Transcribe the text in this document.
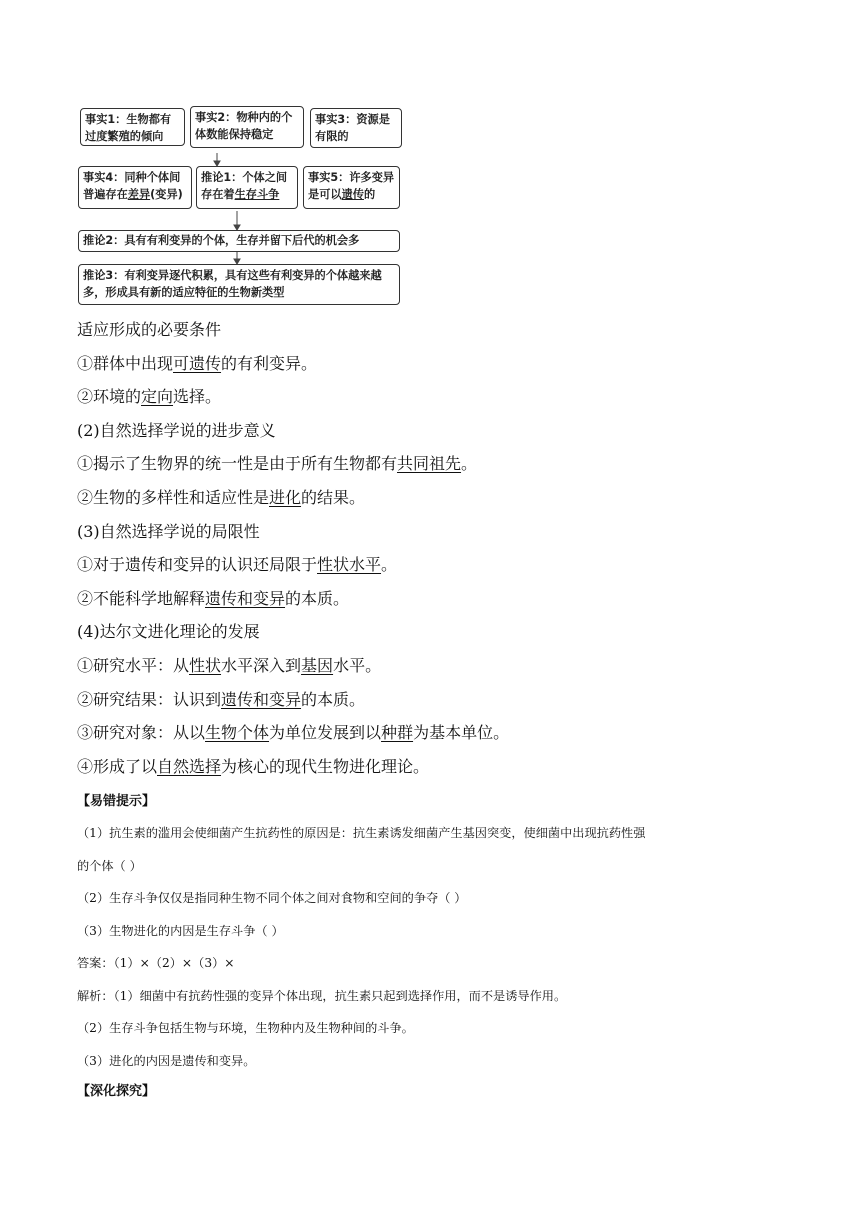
事实1：生物都有过度繁殖的倾向
事实2：物种内的个体数能保持稳定
事实3：资源是有限的
事实4：同种个体间普遍存在差异(变异)
推论1：个体之间存在着生存斗争
事实5：许多变异是可以遗传的
推论2：具有有利变异的个体，生存并留下后代的机会多
推论3：有利变异逐代积累，具有这些有利变异的个体越来越多，形成具有新的适应特征的生物新类型
适应形成的必要条件
①群体中出现可遗传的有利变异。
②环境的定向选择。
(2)自然选择学说的进步意义
①揭示了生物界的统一性是由于所有生物都有共同祖先。
②生物的多样性和适应性是进化的结果。
(3)自然选择学说的局限性
①对于遗传和变异的认识还局限于性状水平。
②不能科学地解释遗传和变异的本质。
(4)达尔文进化理论的发展
①研究水平：从性状水平深入到基因水平。
②研究结果：认识到遗传和变异的本质。
③研究对象：从以生物个体为单位发展到以种群为基本单位。
④形成了以自然选择为核心的现代生物进化理论。
【易错提示】
（1）抗生素的滥用会使细菌产生抗药性的原因是：抗生素诱发细菌产生基因突变，使细菌中出现抗药性强
的个体（ ）
（2）生存斗争仅仅是指同种生物不同个体之间对食物和空间的争夺（ ）
（3）生物进化的内因是生存斗争（ ）
答案：（1）×（2）×（3）×
解析：（1）细菌中有抗药性强的变异个体出现，抗生素只起到选择作用，而不是诱导作用。
（2）生存斗争包括生物与环境，生物种内及生物种间的斗争。
（3）进化的内因是遗传和变异。
【深化探究】
